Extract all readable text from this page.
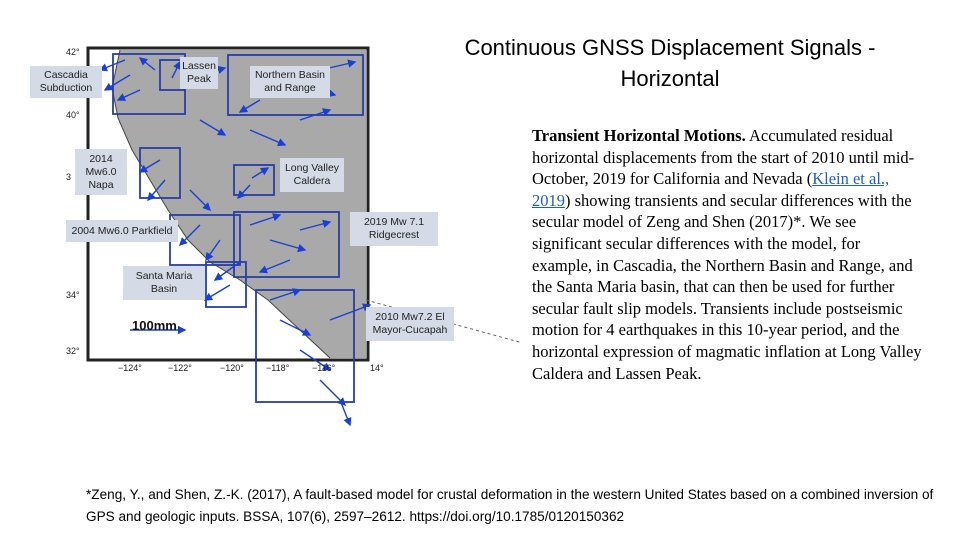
Continuous GNSS Displacement Signals - Horizontal
Transient Horizontal Motions. Accumulated residual horizontal displacements from the start of 2010 until mid-October, 2019 for California and Nevada (Klein et al., 2019) showing transients and secular differences with the secular model of Zeng and Shen (2017)*. We see significant secular differences with the model, for example, in Cascadia, the Northern Basin and Range, and the Santa Maria basin, that can then be used for further secular fault slip models. Transients include postseismic motion for 4 earthquakes in this 10-year period, and the horizontal expression of magmatic inflation at Long Valley Caldera and Lassen Peak.
*Zeng, Y., and Shen, Z.-K. (2017), A fault-based model for crustal deformation in the western United States based on a combined inversion of GPS and geologic inputs. BSSA, 107(6), 2597–2612. https://doi.org/10.1785/0120150362
Cascadia Subduction
Lassen Peak	Northern Basin and Range
2014 Mw6.0 Napa
Long Valley Caldera
2004 Mw6.0 Parkfield
2019 Mw 7.1 Ridgecrest
Santa Maria Basin
2010 Mw7.2 El Mayor-Cucapah
42°
40°
3
34°
32°
−124°	−122°	−120° −118°	−116°	14°
100mm
